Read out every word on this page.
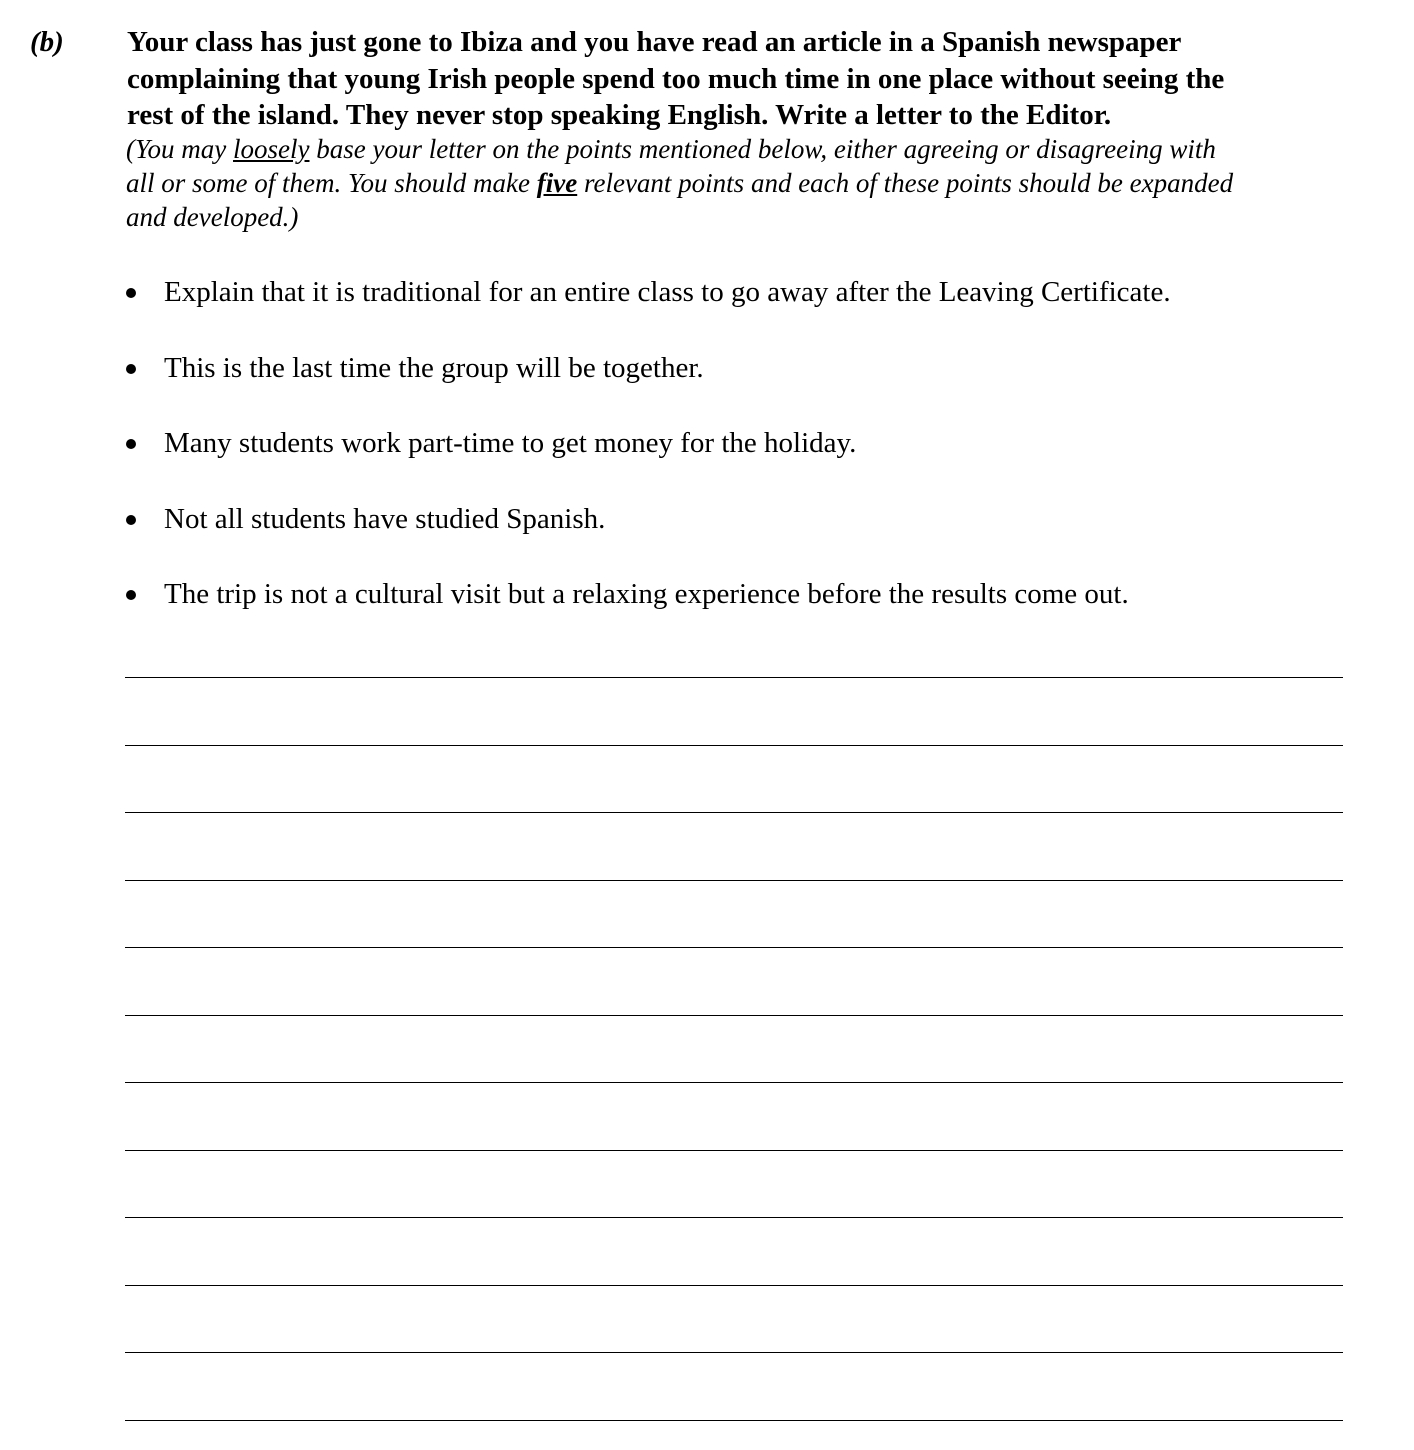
(b) Your class has just gone to Ibiza and you have read an article in a Spanish newspaper
complaining that young Irish people spend too much time in one place without seeing the
rest of the island. They never stop speaking English. Write a letter to the Editor.
(You may loosely base your letter on the points mentioned below, either agreeing or disagreeing with
all or some of them. You should make five relevant points and each of these points should be expanded
and developed.)
Explain that it is traditional for an entire class to go away after the Leaving Certificate.
This is the last time the group will be together.
Many students work part-time to get money for the holiday.
Not all students have studied Spanish.
The trip is not a cultural visit but a relaxing experience before the results come out.
